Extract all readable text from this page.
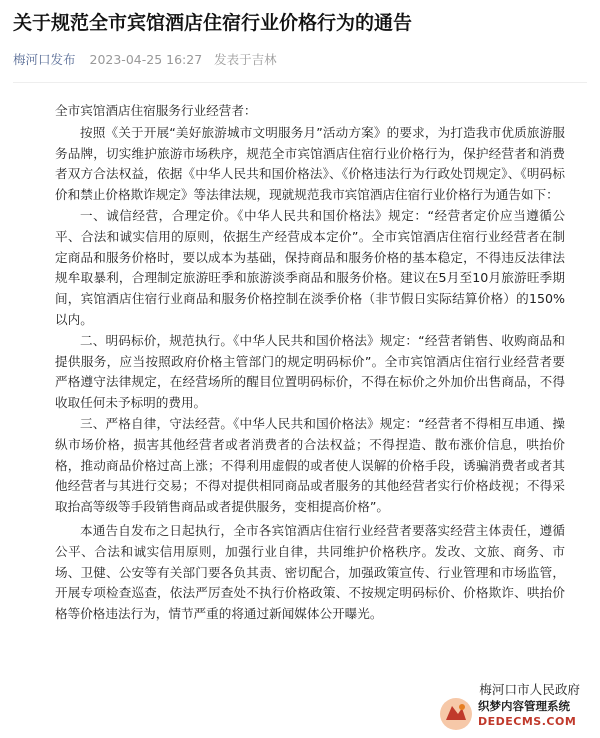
关于规范全市宾馆酒店住宿行业价格行为的通告
梅河口发布 2023-04-25 16:27 发表于吉林

全市宾馆酒店住宿服务行业经营者：

按照《关于开展“美好旅游城市文明服务月”活动方案》的要求，为打造我市优质旅游服务品牌，切实维护旅游市场秩序，规范全市宾馆酒店住宿行业价格行为，保护经营者和消费者双方合法权益，依据《中华人民共和国价格法》、《价格违法行为行政处罚规定》、《明码标价和禁止价格欺诈规定》等法律法规，现就规范我市宾馆酒店住宿行业价格行为通告如下：

一、诚信经营，合理定价。《中华人民共和国价格法》规定：“经营者定价应当遵循公平、合法和诚实信用的原则，依据生产经营成本定价”。全市宾馆酒店住宿行业经营者在制定商品和服务价格时，要以成本为基础，保持商品和服务价格的基本稳定，不得违反法律法规牟取暴利，合理制定旅游旺季和旅游淡季商品和服务价格。建议在5月至10月旅游旺季期间，宾馆酒店住宿行业商品和服务价格控制在淡季价格（非节假日实际结算价格）的150%以内。

二、明码标价，规范执行。《中华人民共和国价格法》规定：“经营者销售、收购商品和提供服务，应当按照政府价格主管部门的规定明码标价”。全市宾馆酒店住宿行业经营者要严格遵守法律规定，在经营场所的醒目位置明码标价，不得在标价之外加价出售商品，不得收取任何未予标明的费用。

三、严格自律，守法经营。《中华人民共和国价格法》规定：“经营者不得相互串通、操纵市场价格，损害其他经营者或者消费者的合法权益；不得捏造、散布涨价信息，哄抬价格，推动商品价格过高上涨；不得利用虚假的或者使人误解的价格手段，诱骗消费者或者其他经营者与其进行交易；不得对提供相同商品或者服务的其他经营者实行价格歧视；不得采取抬高等级等手段销售商品或者提供服务，变相提高价格”。

本通告自发布之日起执行，全市各宾馆酒店住宿行业经营者要落实经营主体责任，遵循公平、合法和诚实信用原则，加强行业自律，共同维护价格秩序。发改、文旅、商务、市场、卫健、公安等有关部门要各负其责、密切配合，加强政策宣传、行业管理和市场监管，开展专项检查巡查，依法严厉查处不执行价格政策、不按规定明码标价、价格欺诈、哄抬价格等价格违法行为，情节严重的将通过新闻媒体公开曝光。

梅河口市人民政府
织梦内容管理系统
DEDECMS.COM
